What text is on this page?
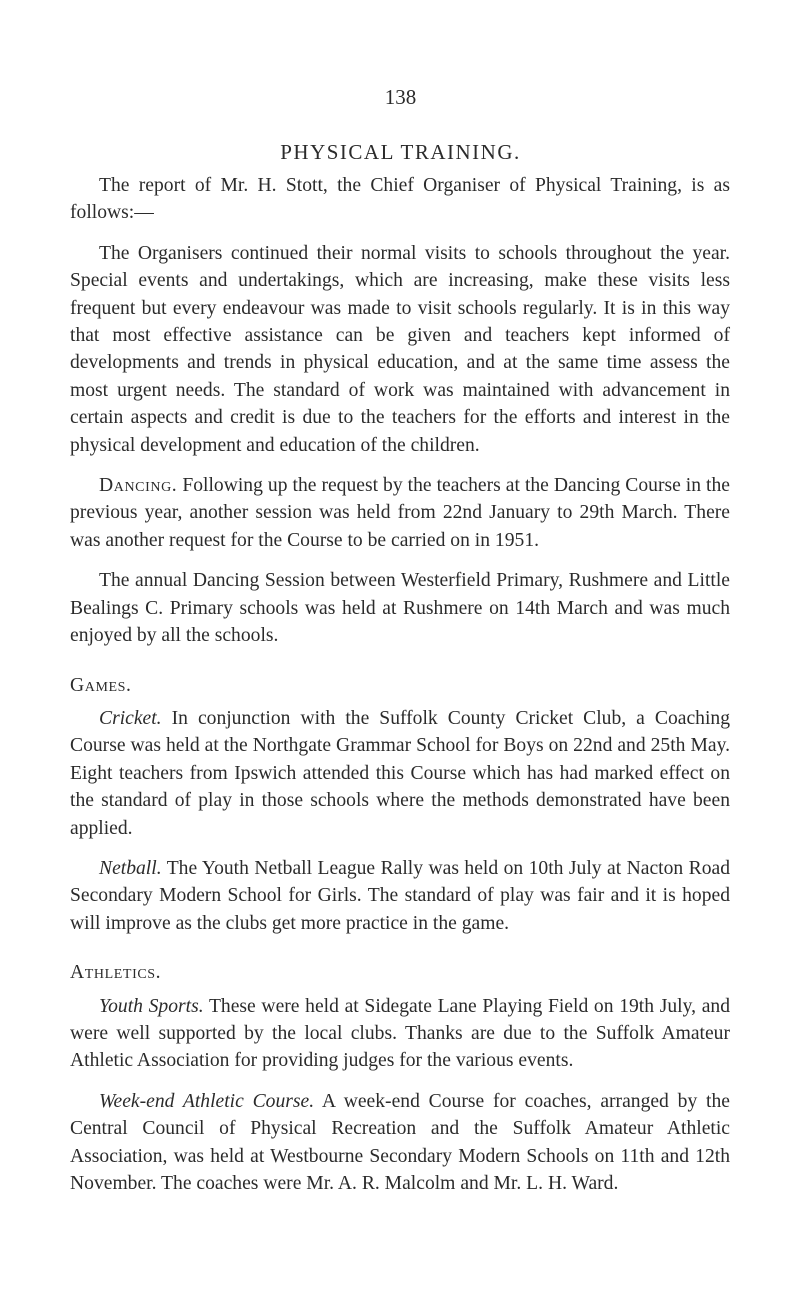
138
PHYSICAL TRAINING.

The report of Mr. H. Stott, the Chief Organiser of Physical Training, is as follows:—

The Organisers continued their normal visits to schools throughout the year. Special events and undertakings, which are increasing, make these visits less frequent but every endeavour was made to visit schools regularly. It is in this way that most effective assistance can be given and teachers kept informed of developments and trends in physical education, and at the same time assess the most urgent needs. The standard of work was maintained with advancement in certain aspects and credit is due to the teachers for the efforts and interest in the physical development and education of the children.

Dancing. Following up the request by the teachers at the Dancing Course in the previous year, another session was held from 22nd January to 29th March. There was another request for the Course to be carried on in 1951.

The annual Dancing Session between Westerfield Primary, Rushmere and Little Bealings C. Primary schools was held at Rushmere on 14th March and was much enjoyed by all the schools.

Games.

Cricket. In conjunction with the Suffolk County Cricket Club, a Coaching Course was held at the Northgate Grammar School for Boys on 22nd and 25th May. Eight teachers from Ipswich attended this Course which has had marked effect on the standard of play in those schools where the methods demonstrated have been applied.

Netball. The Youth Netball League Rally was held on 10th July at Nacton Road Secondary Modern School for Girls. The standard of play was fair and it is hoped will improve as the clubs get more practice in the game.

Athletics.

Youth Sports. These were held at Sidegate Lane Playing Field on 19th July, and were well supported by the local clubs. Thanks are due to the Suffolk Amateur Athletic Association for providing judges for the various events.

Week-end Athletic Course. A week-end Course for coaches, arranged by the Central Council of Physical Recreation and the Suffolk Amateur Athletic Association, was held at Westbourne Secondary Modern Schools on 11th and 12th November. The coaches were Mr. A. R. Malcolm and Mr. L. H. Ward.
